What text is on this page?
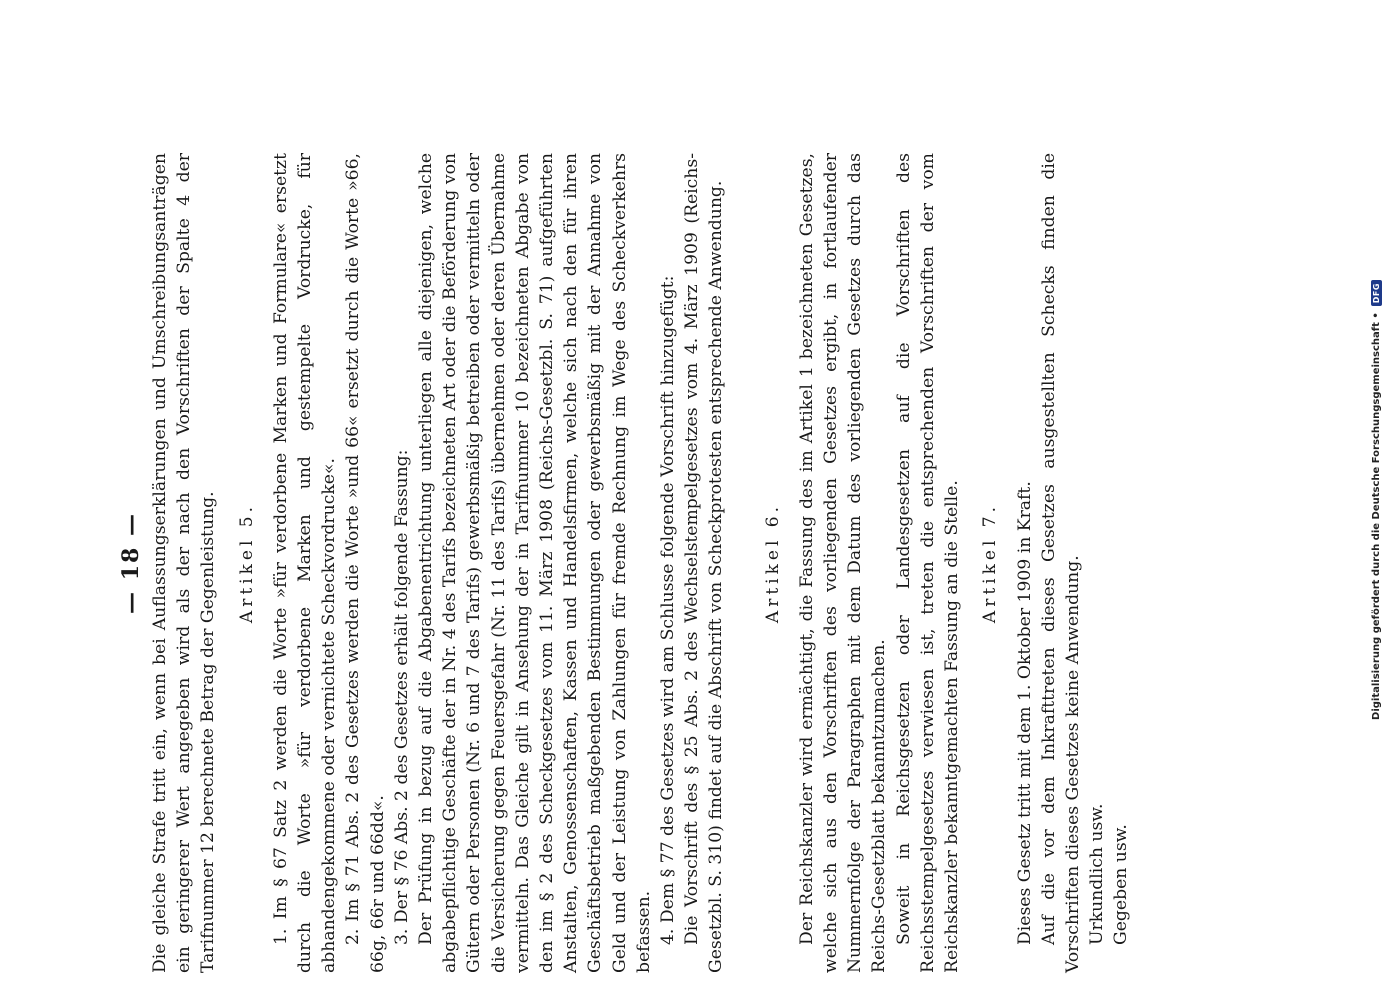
— 18 — Die gleiche Strafe tritt ein, wenn bei Auflassungserklärungen und Umschreibungsanträgen ein geringerer Wert angegeben wird als der nach den Vorschriften der Spalte 4 der Tarifnummer 12 berechnete Betrag der Gegenleistung. Artikel 5. 1. Im § 67 Satz 2 werden die Worte »für verdorbene Marken und Formulare« ersetzt durch die Worte »für verdorbene Marken und gestempelte Vordrucke, für abhandengekommene oder vernichtete Scheckvordrucke«. 2. Im § 71 Abs. 2 des Gesetzes werden die Worte »und 66« ersetzt durch die Worte »66, 66g, 66r und 66dd«. 3. Der § 76 Abs. 2 des Gesetzes erhält folgende Fassung: Der Prüfung in bezug auf die Abgabenentrichtung unterliegen alle diejenigen, welche abgabepflichtige Geschäfte der in Nr. 4 des Tarifs bezeichneten Art oder die Beförderung von Gütern oder Personen (Nr. 6 und 7 des Tarifs) gewerbsmäßig betreiben oder vermitteln oder die Versicherung gegen Feuersgefahr (Nr. 11 des Tarifs) übernehmen oder deren Übernahme vermitteln. Das Gleiche gilt in Ansehung der in Tarifnummer 10 bezeichneten Abgabe von den im § 2 des Scheckgesetzes vom 11. März 1908 (Reichs-Gesetzbl. S. 71) aufgeführten Anstalten, Genossenschaften, Kassen und Handelsfirmen, welche sich nach den für ihren Geschäftsbetrieb maßgebenden Bestimmungen oder gewerbsmäßig mit der Annahme von Geld und der Leistung von Zahlungen für fremde Rechnung im Wege des Scheckverkehrs befassen. 4. Dem § 77 des Gesetzes wird am Schlusse folgende Vorschrift hinzugefügt: Die Vorschrift des § 25 Abs. 2 des Wechselstempelgesetzes vom 4. März 1909 (Reichs-Gesetzbl. S. 310) findet auf die Abschrift von Scheckprotesten entsprechende Anwendung. Artikel 6. Der Reichskanzler wird ermächtigt, die Fassung des im Artikel 1 bezeichneten Gesetzes, welche sich aus den Vorschriften des vorliegenden Gesetzes ergibt, in fortlaufender Nummernfolge der Paragraphen mit dem Datum des vorliegenden Gesetzes durch das Reichs-Gesetzblatt bekanntzumachen. Soweit in Reichsgesetzen oder Landesgesetzen auf die Vorschriften des Reichsstempelgesetzes verwiesen ist, treten die entsprechenden Vorschriften der vom Reichskanzler bekanntgemachten Fassung an die Stelle. Artikel 7. Dieses Gesetz tritt mit dem 1. Oktober 1909 in Kraft. Auf die vor dem Inkrafttreten dieses Gesetzes ausgestellten Schecks finden die Vorschriften dieses Gesetzes keine Anwendung. Urkundlich usw. Gegeben usw.

Digitalisierung gefördert durch die Deutsche Forschungsgemeinschaft •
DFG
